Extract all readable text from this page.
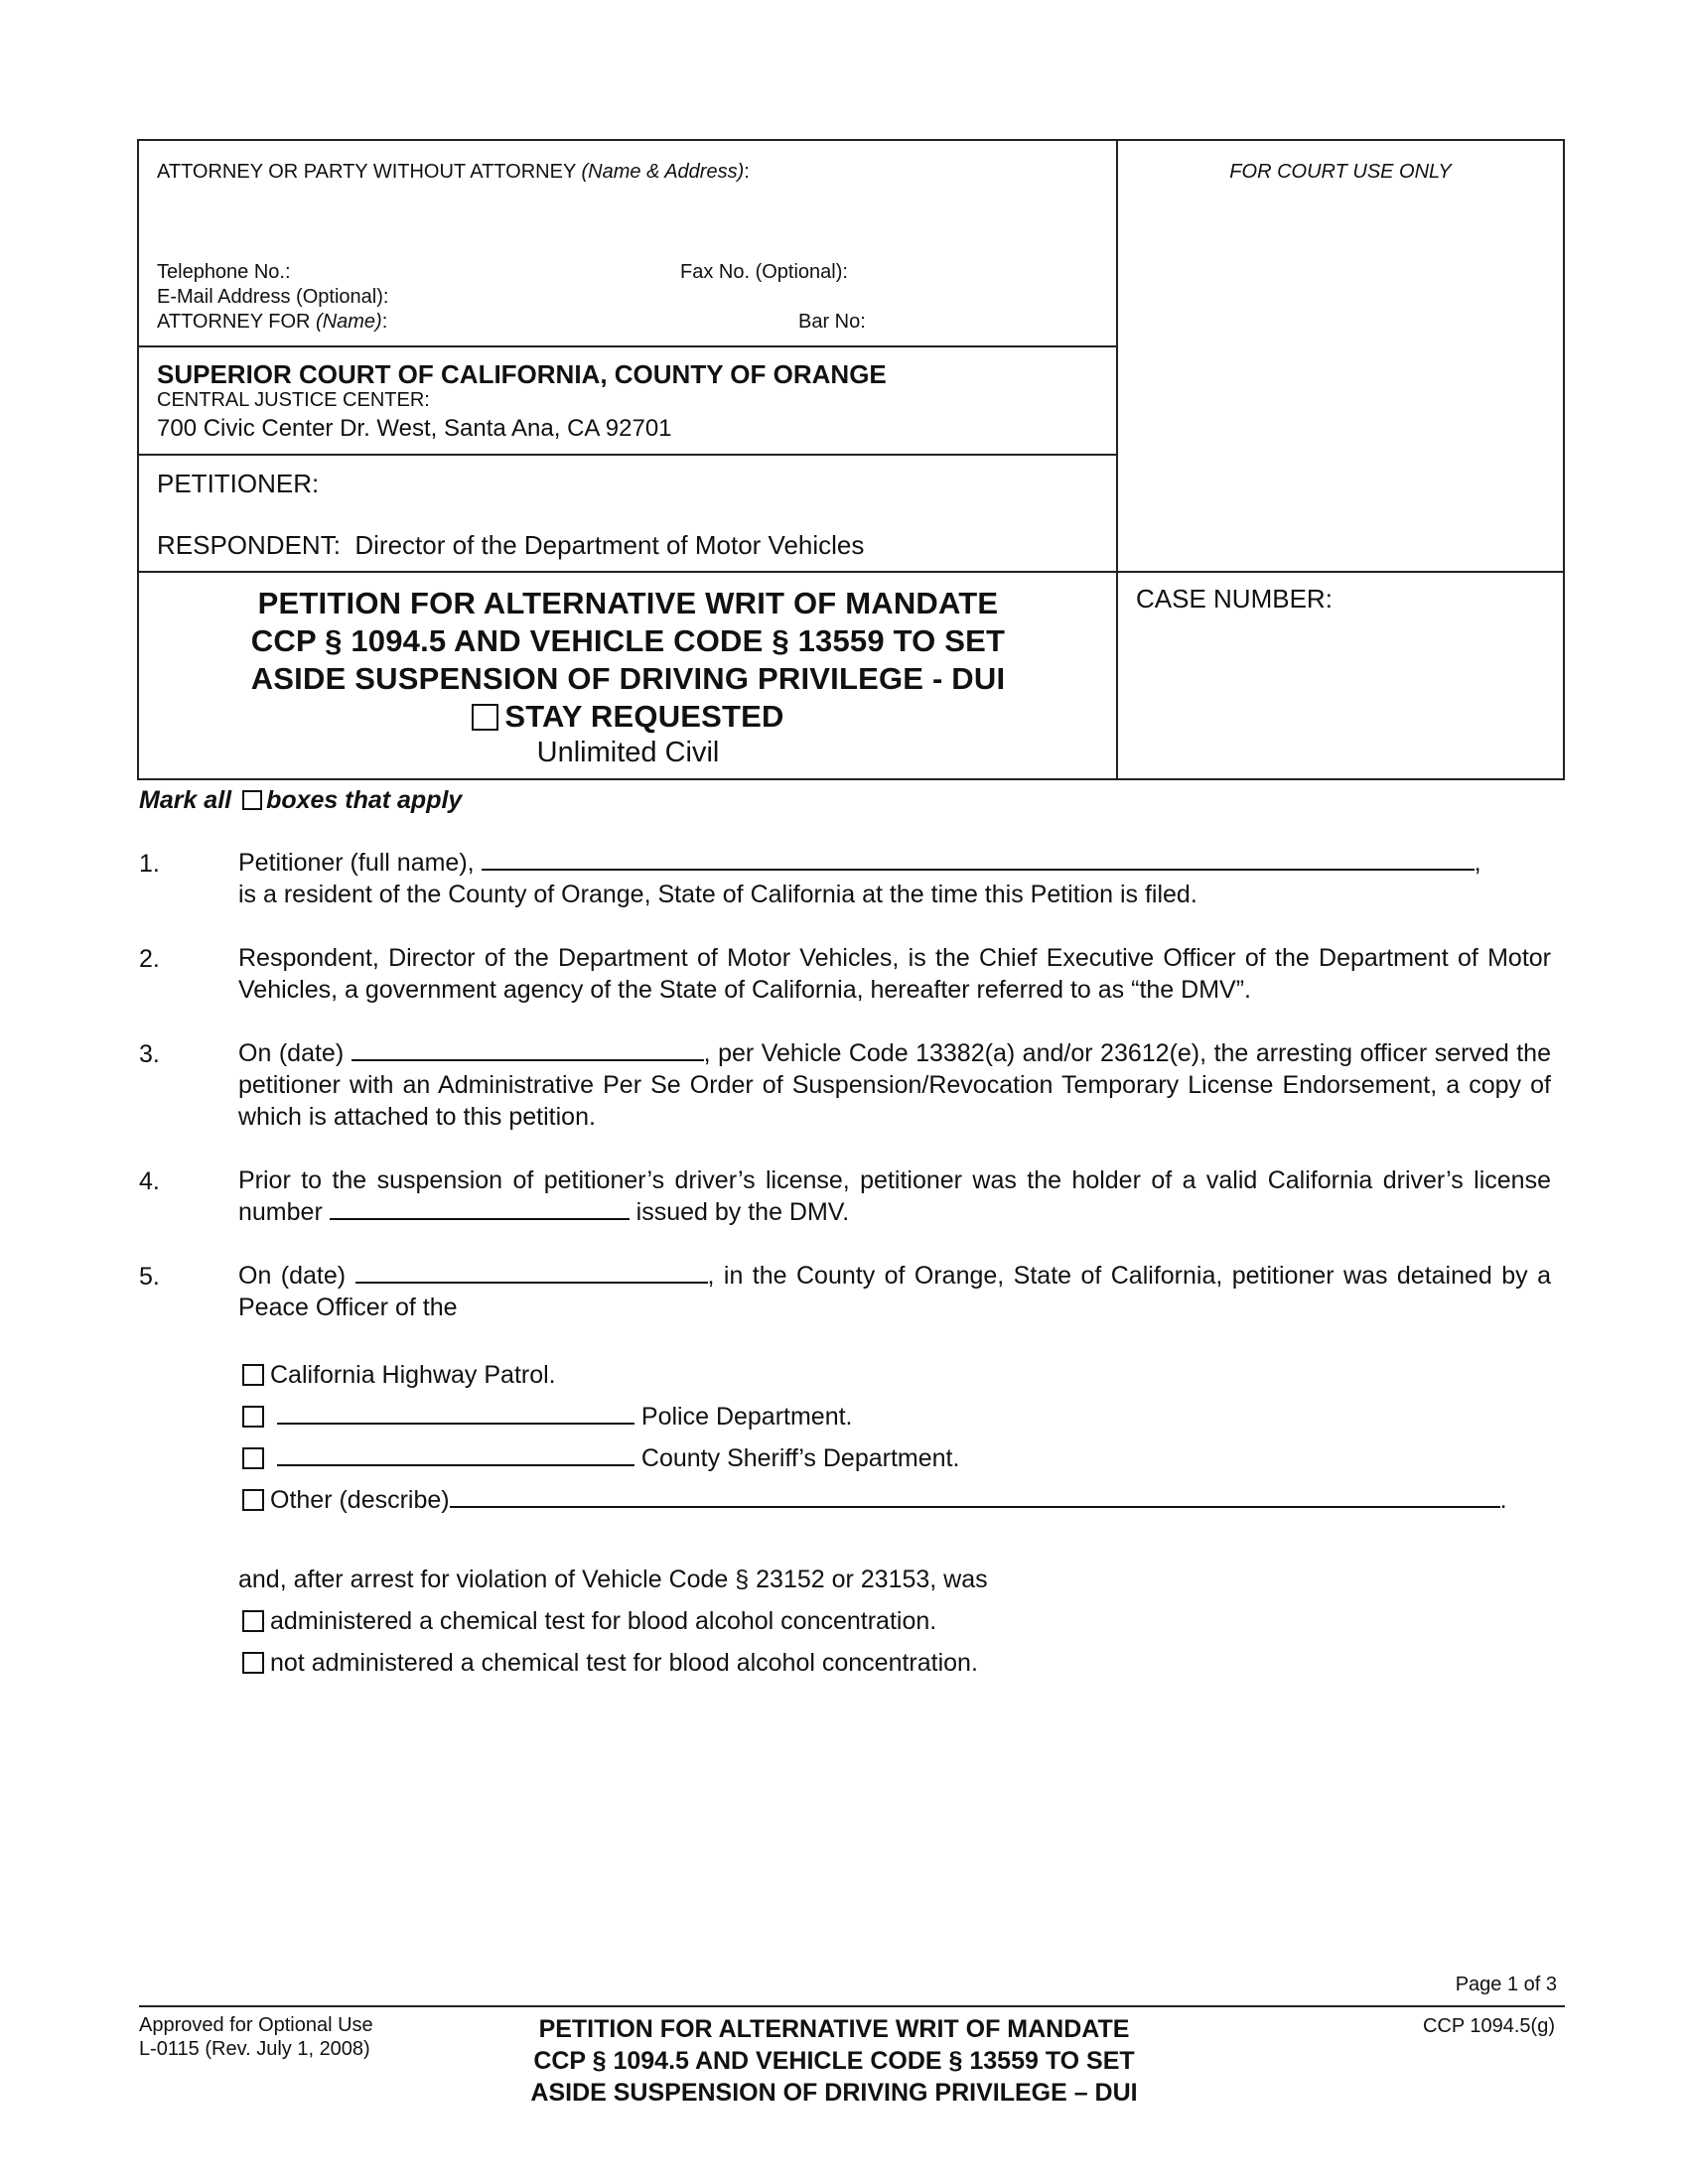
ATTORNEY OR PARTY WITHOUT ATTORNEY (Name & Address):
Telephone No.:	Fax No. (Optional):
E-Mail Address (Optional):
ATTORNEY FOR (Name):	Bar No:
FOR COURT USE ONLY
SUPERIOR COURT OF CALIFORNIA, COUNTY OF ORANGE
CENTRAL JUSTICE CENTER:
700 Civic Center Dr. West, Santa Ana, CA 92701
PETITIONER:
RESPONDENT: Director of the Department of Motor Vehicles
PETITION FOR ALTERNATIVE WRIT OF MANDATE
CCP § 1094.5 AND VEHICLE CODE § 13559 TO SET
ASIDE SUSPENSION OF DRIVING PRIVILEGE - DUI
STAY REQUESTED
Unlimited Civil
CASE NUMBER:
Mark all boxes that apply
1.	Petitioner (full name),	,
is a resident of the County of Orange, State of California at the time this Petition is filed.
2.	Respondent, Director of the Department of Motor Vehicles, is the Chief Executive Officer of the Department of Motor Vehicles, a government agency of the State of California, hereafter referred to as “the DMV”.
3.	On (date)	, per Vehicle Code 13382(a) and/or 23612(e), the arresting officer served the petitioner with an Administrative Per Se Order of Suspension/Revocation Temporary License Endorsement, a copy of which is attached to this petition.
4.	Prior to the suspension of petitioner’s driver’s license, petitioner was the holder of a valid California driver’s license number	issued by the DMV.
5.	On (date)	, in the County of Orange, State of California, petitioner was detained by a Peace Officer of the
California Highway Patrol.
Police Department.
County Sheriff’s Department.
Other (describe)	.
and, after arrest for violation of Vehicle Code § 23152 or 23153, was
administered a chemical test for blood alcohol concentration.
not administered a chemical test for blood alcohol concentration.
Page 1 of 3
Approved for Optional Use
L-0115 (Rev. July 1, 2008)
PETITION FOR ALTERNATIVE WRIT OF MANDATE
CCP § 1094.5 AND VEHICLE CODE § 13559 TO SET
ASIDE SUSPENSION OF DRIVING PRIVILEGE – DUI
CCP 1094.5(g)
